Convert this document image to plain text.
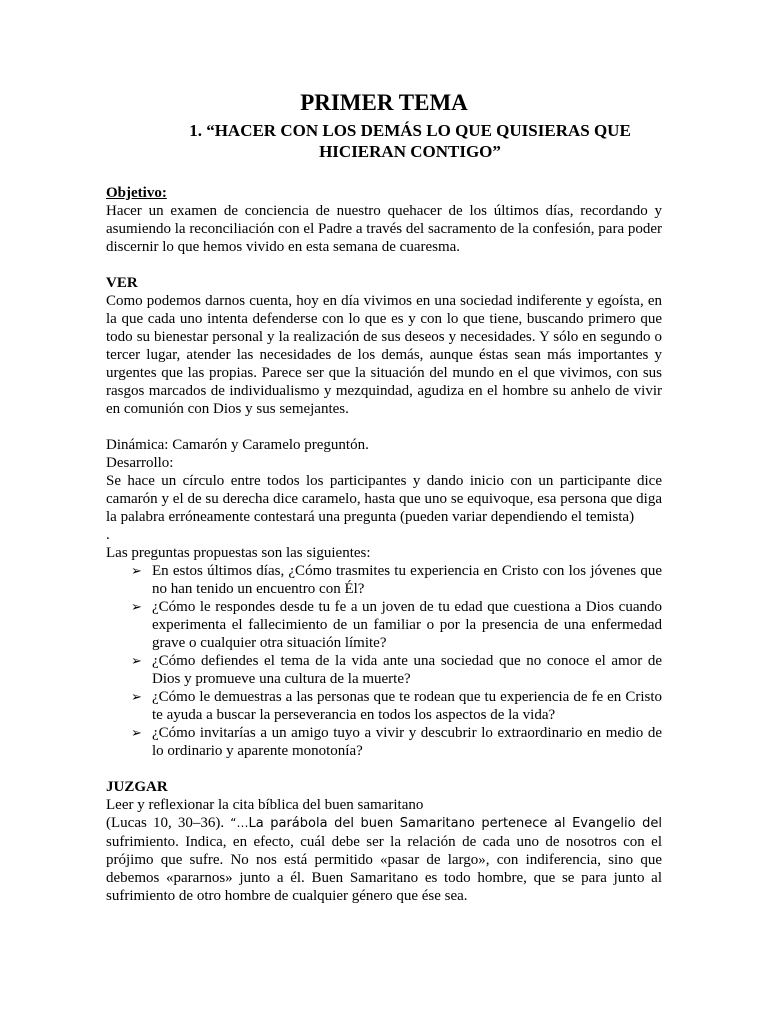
PRIMER TEMA
1. “HACER CON LOS DEMÁS LO QUE QUISIERAS QUE HICIERAN CONTIGO”
Objetivo:

Hacer un examen de conciencia de nuestro quehacer de los últimos días, recordando y asumiendo la reconciliación con el Padre a través del sacramento de la confesión, para poder discernir lo que hemos vivido en esta semana de cuaresma.

VER

Como podemos darnos cuenta, hoy en día vivimos en una sociedad indiferente y egoísta, en la que cada uno intenta defenderse con lo que es y con lo que tiene, buscando primero que todo su bienestar personal y la realización de sus deseos y necesidades. Y sólo en segundo o tercer lugar, atender las necesidades de los demás, aunque éstas sean más importantes y urgentes que las propias. Parece ser que la situación del mundo en el que vivimos, con sus rasgos marcados de individualismo y mezquindad, agudiza en el hombre su anhelo de vivir en comunión con Dios y sus semejantes.

Dinámica: Camarón y Caramelo preguntón.

Desarrollo:

Se hace un círculo entre todos los participantes y dando inicio con un participante dice camarón y el de su derecha dice caramelo, hasta que uno se equivoque, esa persona que diga la palabra erróneamente contestará una pregunta (pueden variar dependiendo el temista)

.

Las preguntas propuestas son las siguientes:

➢ En estos últimos días, ¿Cómo trasmites tu experiencia en Cristo con los jóvenes que no han tenido un encuentro con Él?
➢ ¿Cómo le respondes desde tu fe a un joven de tu edad que cuestiona a Dios cuando experimenta el fallecimiento de un familiar o por la presencia de una enfermedad grave o cualquier otra situación límite?
➢ ¿Cómo defiendes el tema de la vida ante una sociedad que no conoce el amor de Dios y promueve una cultura de la muerte?
➢ ¿Cómo le demuestras a las personas que te rodean que tu experiencia de fe en Cristo te ayuda a buscar la perseverancia en todos los aspectos de la vida?
➢ ¿Cómo invitarías a un amigo tuyo a vivir y descubrir lo extraordinario en medio de lo ordinario y aparente monotonía?
JUZGAR

Leer y reflexionar la cita bíblica del buen samaritano

(Lucas 10, 30–36). “…La parábola del buen Samaritano pertenece al Evangelio del sufrimiento. Indica, en efecto, cuál debe ser la relación de cada uno de nosotros con el prójimo que sufre. No nos está permitido «pasar de largo», con indiferencia, sino que debemos «pararnos» junto a él. Buen Samaritano es todo hombre, que se para junto al sufrimiento de otro hombre de cualquier género que ése sea.
